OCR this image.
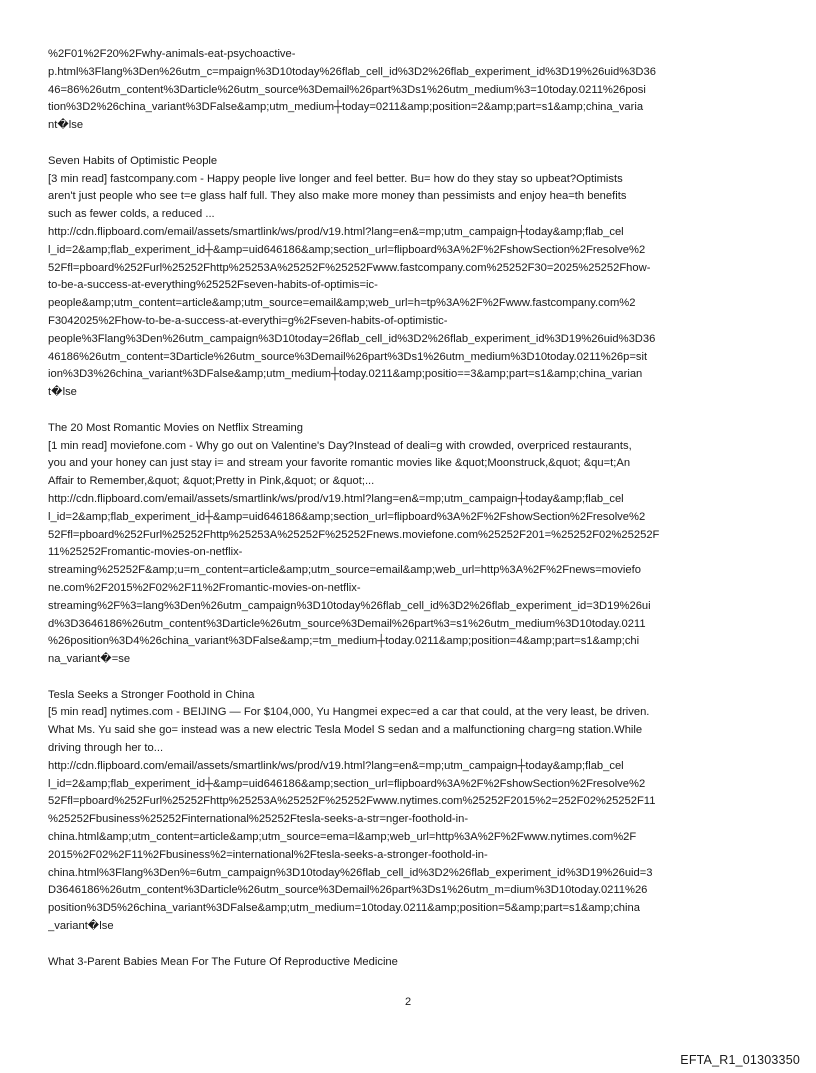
%2F01%2F20%2Fwhy-animals-eat-psychoactive-
p.html%3Flang%3Den%26utm_c=mpaign%3D10today%26flab_cell_id%3D2%26flab_experiment_id%3D19%26uid%3D36
46=86%26utm_content%3Darticle%26utm_source%3Demail%26part%3Ds1%26utm_medium%3=10today.0211%26posi
tion%3D2%26china_variant%3DFalse&amp;utm_medium┼today=0211&amp;position=2&amp;part=s1&amp;china_varia
nt�lse
Seven Habits of Optimistic People
[3 min read] fastcompany.com - Happy people live longer and feel better. Bu= how do they stay so upbeat?Optimists
aren't just people who see t=e glass half full. They also make more money than pessimists and enjoy hea=th benefits
such as fewer colds, a reduced ...
http://cdn.flipboard.com/email/assets/smartlink/ws/prod/v19.html?lang=en&=mp;utm_campaign┼today&amp;flab_cel
l_id=2&amp;flab_experiment_id┼&amp=uid646186&amp;section_url=flipboard%3A%2F%2FshowSection%2Fresolve%2
52Ffl=pboard%252Furl%25252Fhttp%25253A%25252F%25252Fwww.fastcompany.com%25252F30=2025%25252Fhow-
to-be-a-success-at-everything%25252Fseven-habits-of-optimis=ic-
people&amp;utm_content=article&amp;utm_source=email&amp;web_url=h=tp%3A%2F%2Fwww.fastcompany.com%2
F3042025%2Fhow-to-be-a-success-at-everythi=g%2Fseven-habits-of-optimistic-
people%3Flang%3Den%26utm_campaign%3D10today=26flab_cell_id%3D2%26flab_experiment_id%3D19%26uid%3D36
46186%26utm_content=3Darticle%26utm_source%3Demail%26part%3Ds1%26utm_medium%3D10today.0211%26p=sit
ion%3D3%26china_variant%3DFalse&amp;utm_medium┼today.0211&amp;positio==3&amp;part=s1&amp;china_varian
t�lse
The 20 Most Romantic Movies on Netflix Streaming
[1 min read] moviefone.com - Why go out on Valentine's Day?Instead of deali=g with crowded, overpriced restaurants,
you and your honey can just stay i= and stream your favorite romantic movies like &quot;Moonstruck,&quot; &qu=t;An
Affair to Remember,&quot; &quot;Pretty in Pink,&quot; or &quot;...
http://cdn.flipboard.com/email/assets/smartlink/ws/prod/v19.html?lang=en&=mp;utm_campaign┼today&amp;flab_cel
l_id=2&amp;flab_experiment_id┼&amp=uid646186&amp;section_url=flipboard%3A%2F%2FshowSection%2Fresolve%2
52Ffl=pboard%252Furl%25252Fhttp%25253A%25252F%25252Fnews.moviefone.com%25252F201=%25252F02%25252F
11%25252Fromantic-movies-on-netflix-
streaming%25252F&amp;u=m_content=article&amp;utm_source=email&amp;web_url=http%3A%2F%2Fnews=moviefo
ne.com%2F2015%2F02%2F11%2Fromantic-movies-on-netflix-
streaming%2F%3=lang%3Den%26utm_campaign%3D10today%26flab_cell_id%3D2%26flab_experiment_id=3D19%26ui
d%3D3646186%26utm_content%3Darticle%26utm_source%3Demail%26part%3=s1%26utm_medium%3D10today.0211
%26position%3D4%26china_variant%3DFalse&amp;=tm_medium┼today.0211&amp;position=4&amp;part=s1&amp;chi
na_variant�=se
Tesla Seeks a Stronger Foothold in China
[5 min read] nytimes.com - BEIJING — For $104,000, Yu Hangmei expec=ed a car that could, at the very least, be driven.
What Ms. Yu said she go= instead was a new electric Tesla Model S sedan and a malfunctioning charg=ng station.While
driving through her to...
http://cdn.flipboard.com/email/assets/smartlink/ws/prod/v19.html?lang=en&=mp;utm_campaign┼today&amp;flab_cel
l_id=2&amp;flab_experiment_id┼&amp=uid646186&amp;section_url=flipboard%3A%2F%2FshowSection%2Fresolve%2
52Ffl=pboard%252Furl%25252Fhttp%25253A%25252F%25252Fwww.nytimes.com%25252F2015%2=252F02%25252F11
%25252Fbusiness%25252Finternational%25252Ftesla-seeks-a-str=nger-foothold-in-
china.html&amp;utm_content=article&amp;utm_source=ema=l&amp;web_url=http%3A%2F%2Fwww.nytimes.com%2F
2015%2F02%2F11%2Fbusiness%2=international%2Ftesla-seeks-a-stronger-foothold-in-
china.html%3Flang%3Den%=6utm_campaign%3D10today%26flab_cell_id%3D2%26flab_experiment_id%3D19%26uid=3
D3646186%26utm_content%3Darticle%26utm_source%3Demail%26part%3Ds1%26utm_m=dium%3D10today.0211%26
position%3D5%26china_variant%3DFalse&amp;utm_medium=10today.0211&amp;position=5&amp;part=s1&amp;china
_variant�lse
What 3-Parent Babies Mean For The Future Of Reproductive Medicine
2
EFTA_R1_01303350
